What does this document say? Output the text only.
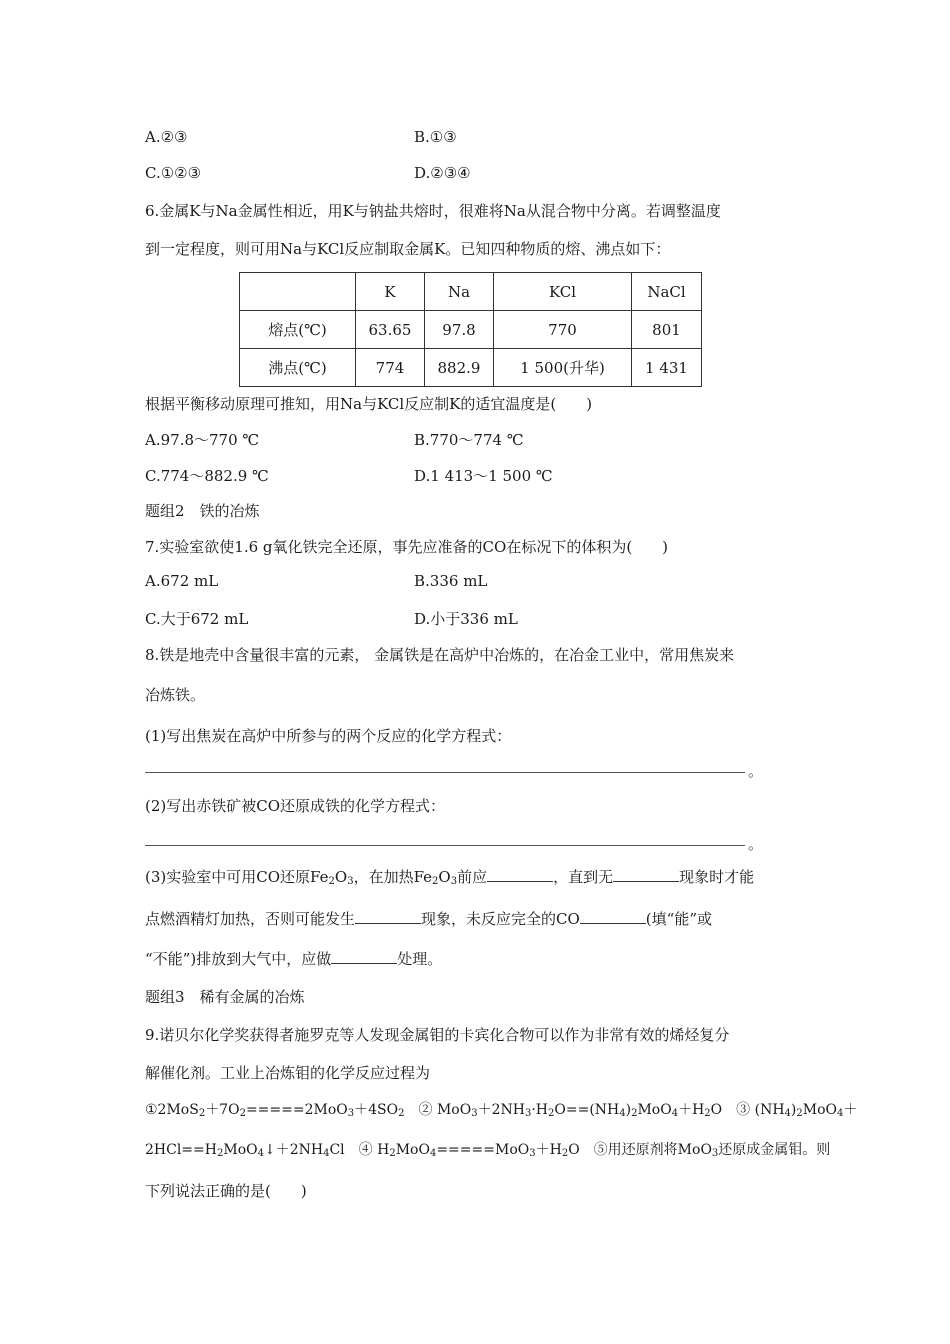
A.②③	B.①③
C.①②③	D.②③④
6.金属K与Na金属性相近，用K与钠盐共熔时，很难将Na从混合物中分离。若调整温度
到一定程度，则可用Na与KCl反应制取金属K。已知四种物质的熔、沸点如下：
	K	Na	KCl	NaCl
熔点(℃)	63.65	97.8	770	801
沸点(℃)	774	882.9	1 500(升华)	1 431
根据平衡移动原理可推知，用Na与KCl反应制K的适宜温度是(　　)
A.97.8～770 ℃	B.770～774 ℃
C.774～882.9 ℃	D.1 413～1 500 ℃
题组2　铁的冶炼
7.实验室欲使1.6 g氧化铁完全还原，事先应准备的CO在标况下的体积为(　　)
A.672 mL	B.336 mL
C.大于672 mL	D.小于336 mL
8.铁是地壳中含量很丰富的元素， 金属铁是在高炉中冶炼的，在冶金工业中，常用焦炭来
冶炼铁。
(1)写出焦炭在高炉中所参与的两个反应的化学方程式：
。
(2)写出赤铁矿被CO还原成铁的化学方程式：
。
(3)实验室中可用CO还原$Fe_2O_3$，在加热$Fe_2O_3$前应	，直到无	现象时才能
点燃酒精灯加热，否则可能发生	现象，未反应完全的CO	(填“能”或
“不能”)排放到大气中，应做	处理。
题组3　稀有金属的冶炼
9.诺贝尔化学奖获得者施罗克等人发现金属钼的卡宾化合物可以作为非常有效的烯烃复分
解催化剂。工业上冶炼钼的化学反应过程为
$①2MoS_2+7O_2=====2MoO_3+4SO_2$　② $MoO_3+2NH_3\cdot H_2O==(NH_4)_2MoO_4+H_2O$　③ $(NH_4)_2MoO_4+$
$2HCl==H_2MoO_4↓+2NH_4Cl$　④ $H_2MoO_4=====MoO_3+H_2O$　⑤用还原剂将MoO$_3$还原成金属钼。则
下列说法正确的是(　　)
